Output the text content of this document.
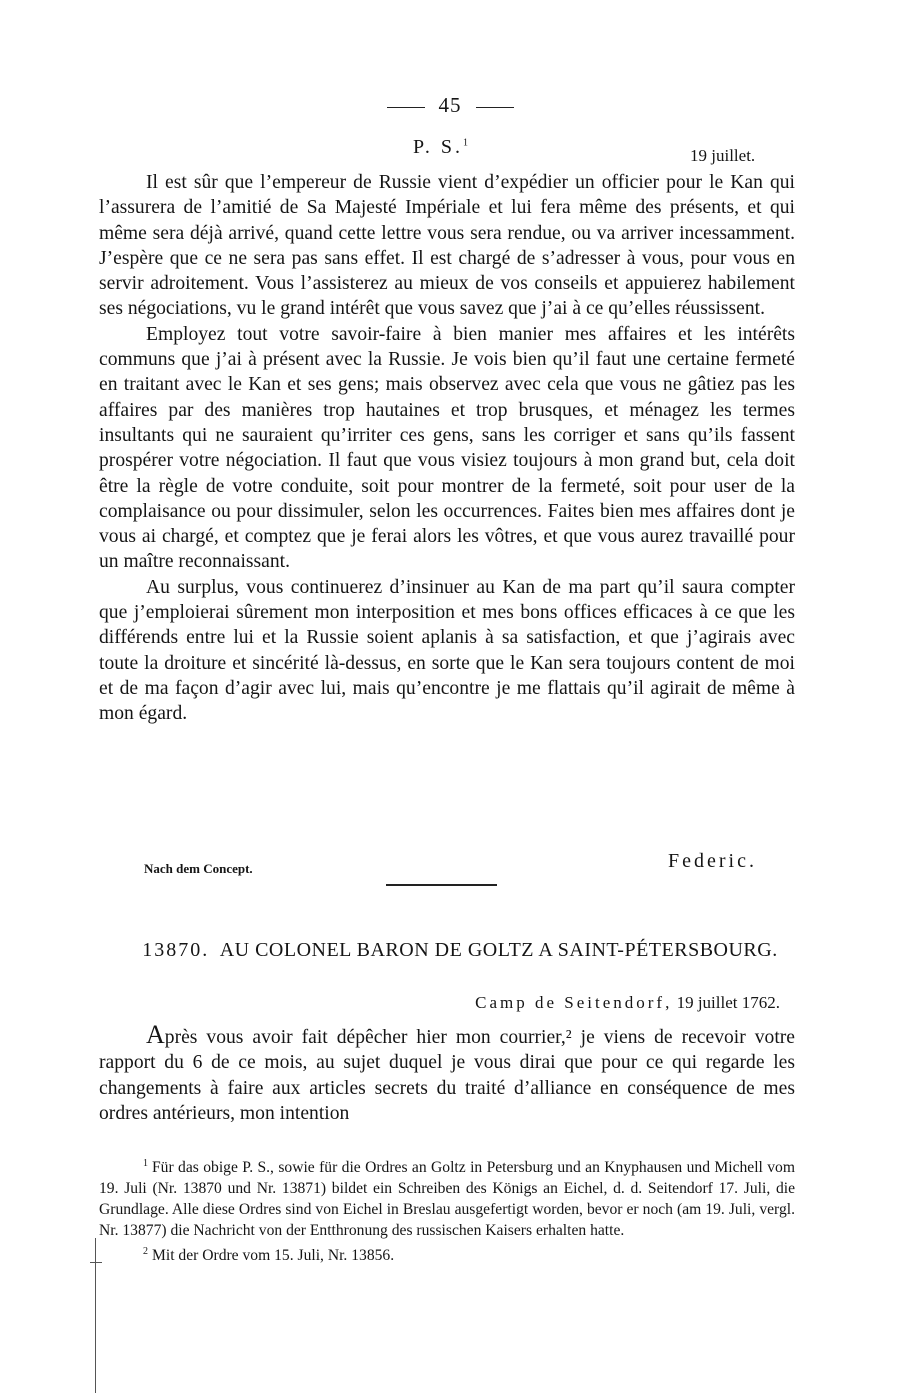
45
P. S.$^1$
19 juillet.

Il est sûr que l’empereur de Russie vient d’expédier un officier pour le Kan qui l’assurera de l’amitié de Sa Majesté Impériale et lui fera même des présents, et qui même sera déjà arrivé, quand cette lettre vous sera rendue, ou va arriver incessamment. J’espère que ce ne sera pas sans effet. Il est chargé de s’adresser à vous, pour vous en servir adroitement. Vous l’assisterez au mieux de vos conseils et appuierez habilement ses négociations, vu le grand intérêt que vous savez que j’ai à ce qu’elles réussissent.

Employez tout votre savoir-faire à bien manier mes affaires et les intérêts communs que j’ai à présent avec la Russie. Je vois bien qu’il faut une certaine fermeté en traitant avec le Kan et ses gens; mais observez avec cela que vous ne gâtiez pas les affaires par des manières trop hautaines et trop brusques, et ménagez les termes insultants qui ne sauraient qu’irriter ces gens, sans les corriger et sans qu’ils fassent prospérer votre négociation. Il faut que vous visiez toujours à mon grand but, cela doit être la règle de votre conduite, soit pour montrer de la fermeté, soit pour user de la complaisance ou pour dissimuler, selon les occurrences. Faites bien mes affaires dont je vous ai chargé, et comptez que je ferai alors les vôtres, et que vous aurez travaillé pour un maître reconnaissant.

Au surplus, vous continuerez d’insinuer au Kan de ma part qu’il saura compter que j’emploierai sûrement mon interposition et mes bons offices efficaces à ce que les différends entre lui et la Russie soient aplanis à sa satisfaction, et que j’agirais avec toute la droiture et sincérité là-dessus, en sorte que le Kan sera toujours content de moi et de ma façon d’agir avec lui, mais qu’encontre je me flattais qu’il agirait de même à mon égard.

Nach dem Concept.	Federic.
13870. AU COLONEL BARON DE GOLTZ A SAINT-PÉTERSBOURG.
Camp de Seitendorf, 19 juillet 1762.

Après vous avoir fait dépêcher hier mon courrier,² je viens de recevoir votre rapport du 6 de ce mois, au sujet duquel je vous dirai que pour ce qui regarde les changements à faire aux articles secrets du traité d’alliance en conséquence de mes ordres antérieurs, mon intention

$^1$ Für das obige P. S., sowie für die Ordres an Goltz in Petersburg und an Knyphausen und Michell vom 19. Juli (Nr. 13870 und Nr. 13871) bildet ein Schreiben des Königs an Eichel, d. d. Seitendorf 17. Juli, die Grundlage. Alle diese Ordres sind von Eichel in Breslau ausgefertigt worden, bevor er noch (am 19. Juli, vergl. Nr. 13877) die Nachricht von der Entthronung des russischen Kaisers erhalten hatte.

$^2$ Mit der Ordre vom 15. Juli, Nr. 13856.
